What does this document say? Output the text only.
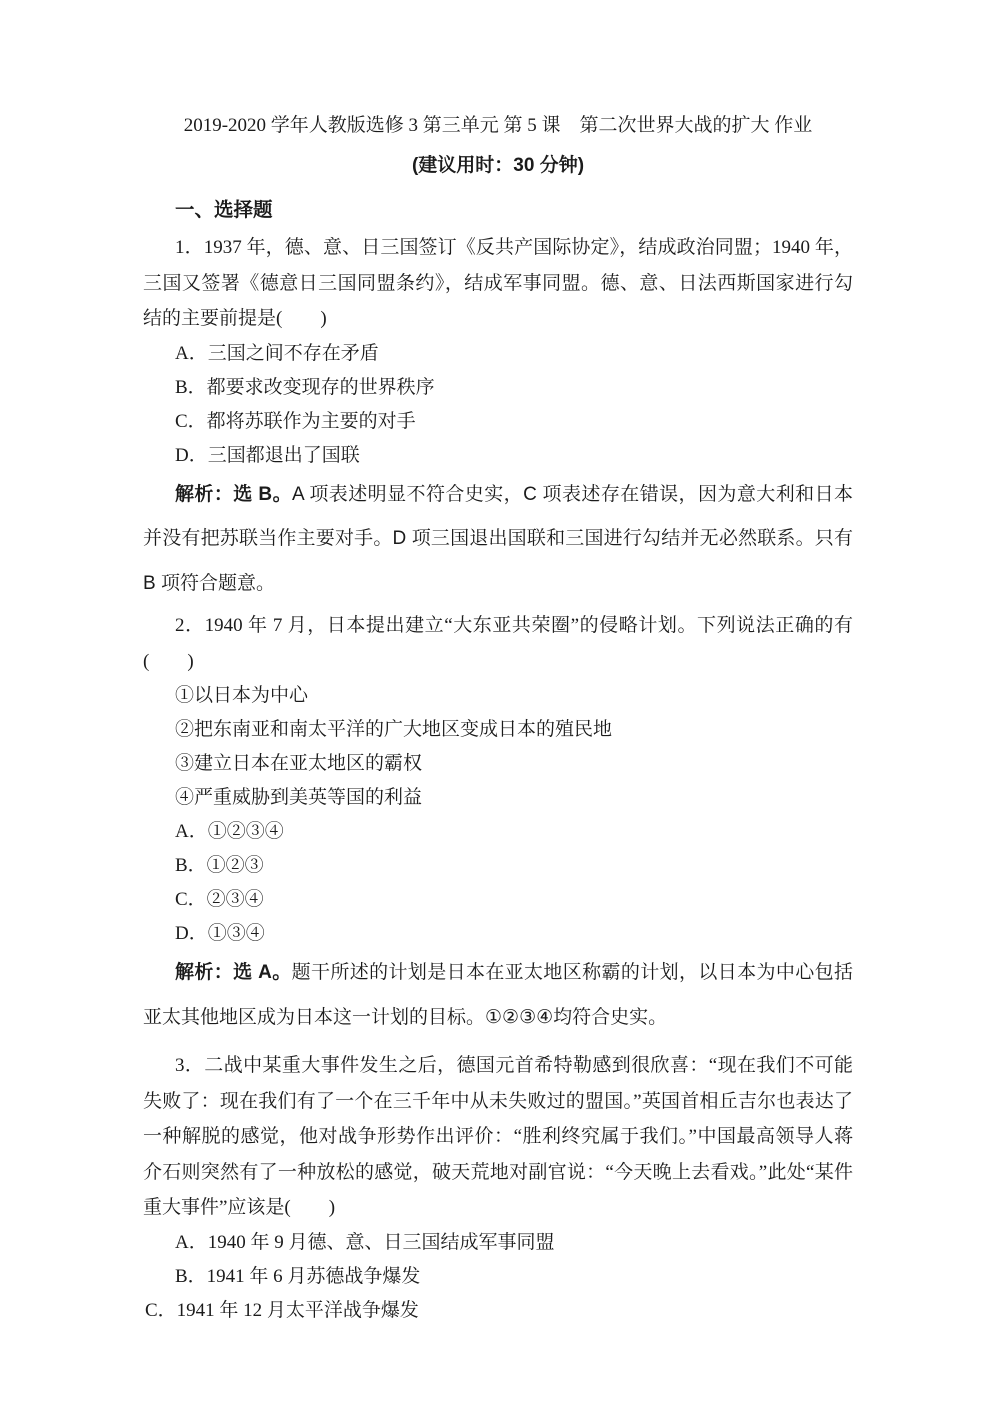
2019-2020 学年人教版选修 3 第三单元 第 5 课　第二次世界大战的扩大 作业

(建议用时：30 分钟)

一、选择题

1．1937 年，德、意、日三国签订《反共产国际协定》，结成政治同盟；1940 年，三国又签署《德意日三国同盟条约》，结成军事同盟。德、意、日法西斯国家进行勾结的主要前提是(　　)

A．三国之间不存在矛盾

B．都要求改变现存的世界秩序

C．都将苏联作为主要的对手

D．三国都退出了国联

解析：选 B。A 项表述明显不符合史实，C 项表述存在错误，因为意大利和日本并没有把苏联当作主要对手。D 项三国退出国联和三国进行勾结并无必然联系。只有 B 项符合题意。

2．1940 年 7 月，日本提出建立“大东亚共荣圈”的侵略计划。下列说法正确的有(　　)

①以日本为中心

②把东南亚和南太平洋的广大地区变成日本的殖民地

③建立日本在亚太地区的霸权

④严重威胁到美英等国的利益

A．①②③④

B．①②③

C．②③④

D．①③④

解析：选 A。题干所述的计划是日本在亚太地区称霸的计划，以日本为中心包括亚太其他地区成为日本这一计划的目标。①②③④均符合史实。

3．二战中某重大事件发生之后，德国元首希特勒感到很欣喜：“现在我们不可能失败了：现在我们有了一个在三千年中从未失败过的盟国。”英国首相丘吉尔也表达了一种解脱的感觉，他对战争形势作出评价：“胜利终究属于我们。”中国最高领导人蒋介石则突然有了一种放松的感觉，破天荒地对副官说：“今天晚上去看戏。”此处“某件重大事件”应该是(　　)

A．1940 年 9 月德、意、日三国结成军事同盟

B．1941 年 6 月苏德战争爆发

C．1941 年 12 月太平洋战争爆发
